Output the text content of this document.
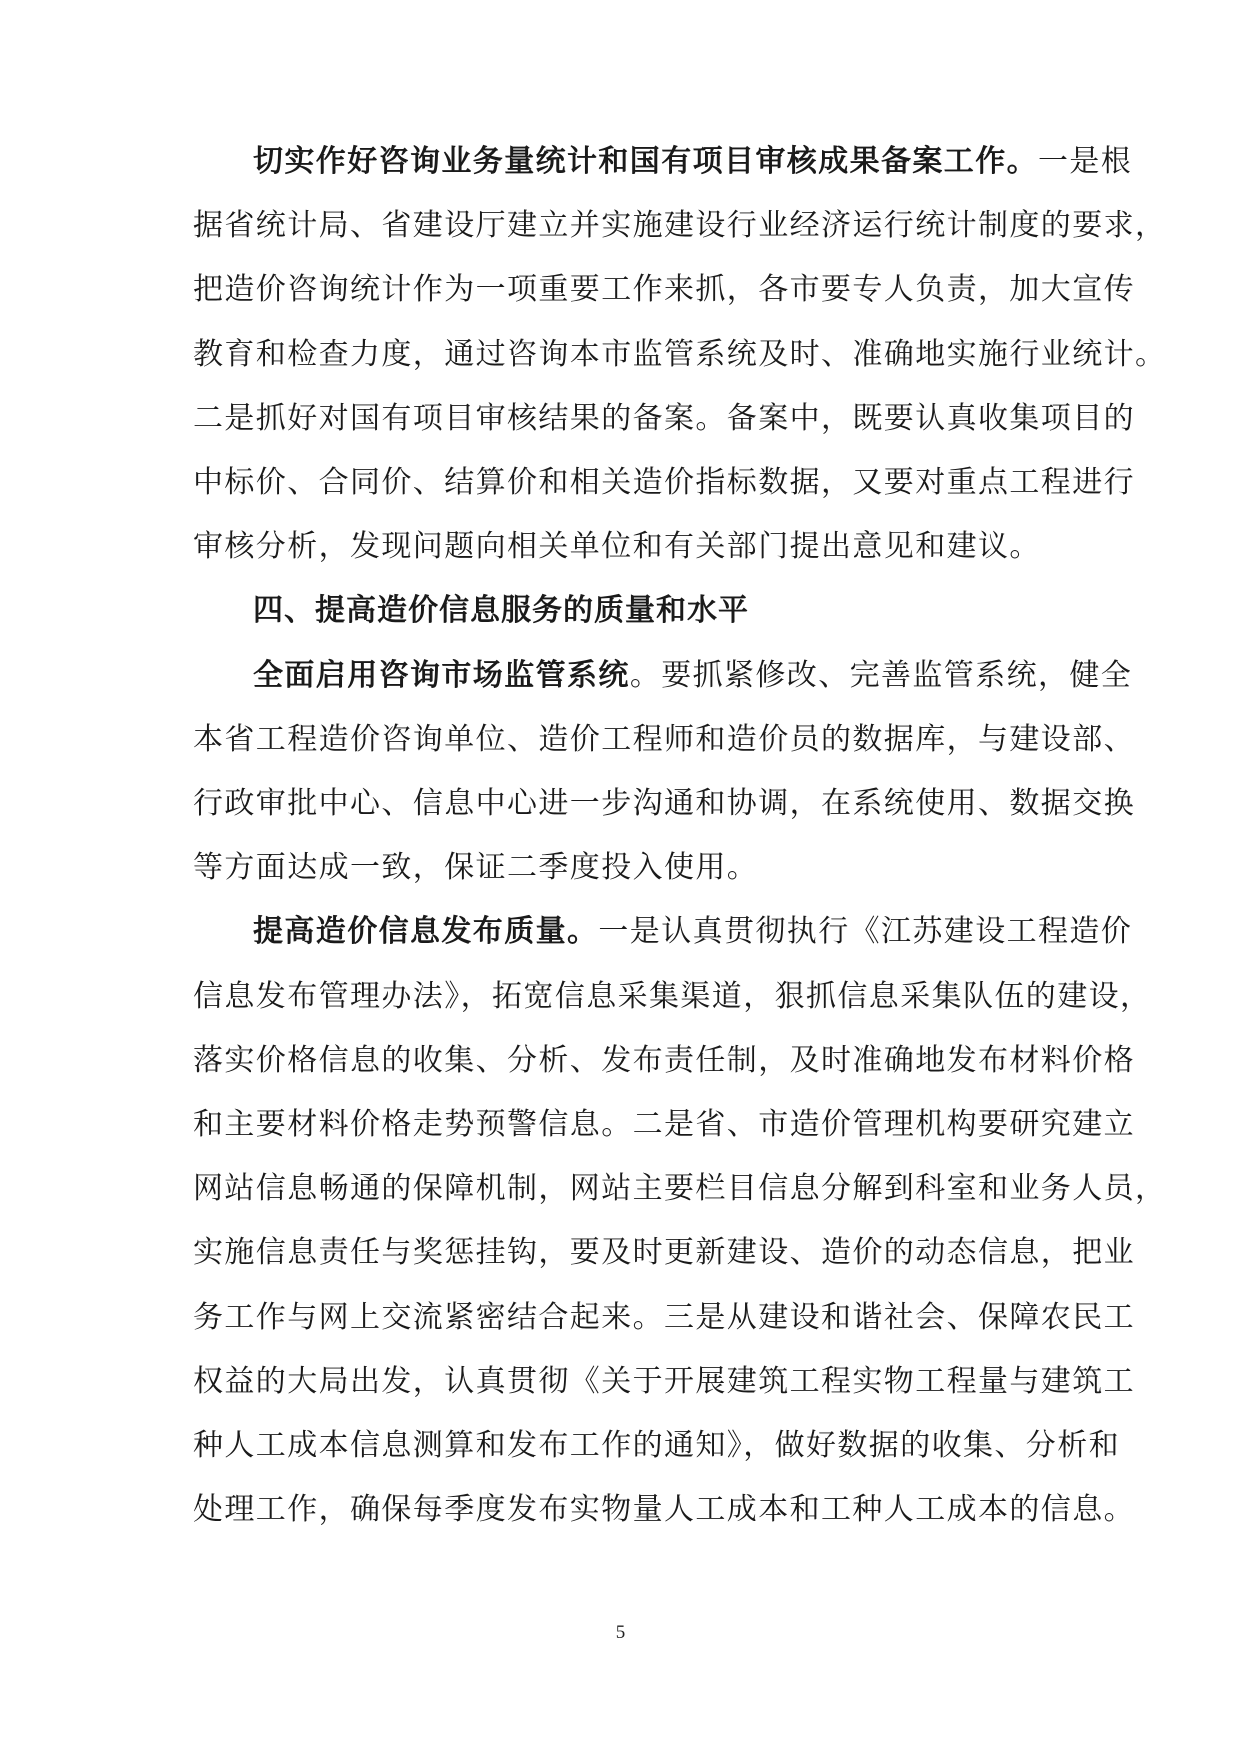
切实作好咨询业务量统计和国有项目审核成果备案工作。一是根
据省统计局、省建设厅建立并实施建设行业经济运行统计制度的要求，
把造价咨询统计作为一项重要工作来抓，各市要专人负责，加大宣传
教育和检查力度，通过咨询本市监管系统及时、准确地实施行业统计。
二是抓好对国有项目审核结果的备案。备案中，既要认真收集项目的
中标价、合同价、结算价和相关造价指标数据，又要对重点工程进行
审核分析，发现问题向相关单位和有关部门提出意见和建议。
四、提高造价信息服务的质量和水平
全面启用咨询市场监管系统。要抓紧修改、完善监管系统，健全
本省工程造价咨询单位、造价工程师和造价员的数据库，与建设部、
行政审批中心、信息中心进一步沟通和协调，在系统使用、数据交换
等方面达成一致，保证二季度投入使用。
提高造价信息发布质量。一是认真贯彻执行《江苏建设工程造价
信息发布管理办法》，拓宽信息采集渠道，狠抓信息采集队伍的建设，
落实价格信息的收集、分析、发布责任制，及时准确地发布材料价格
和主要材料价格走势预警信息。二是省、市造价管理机构要研究建立
网站信息畅通的保障机制，网站主要栏目信息分解到科室和业务人员，
实施信息责任与奖惩挂钩，要及时更新建设、造价的动态信息，把业
务工作与网上交流紧密结合起来。三是从建设和谐社会、保障农民工
权益的大局出发，认真贯彻《关于开展建筑工程实物工程量与建筑工
种人工成本信息测算和发布工作的通知》，做好数据的收集、分析和
处理工作，确保每季度发布实物量人工成本和工种人工成本的信息。
5
